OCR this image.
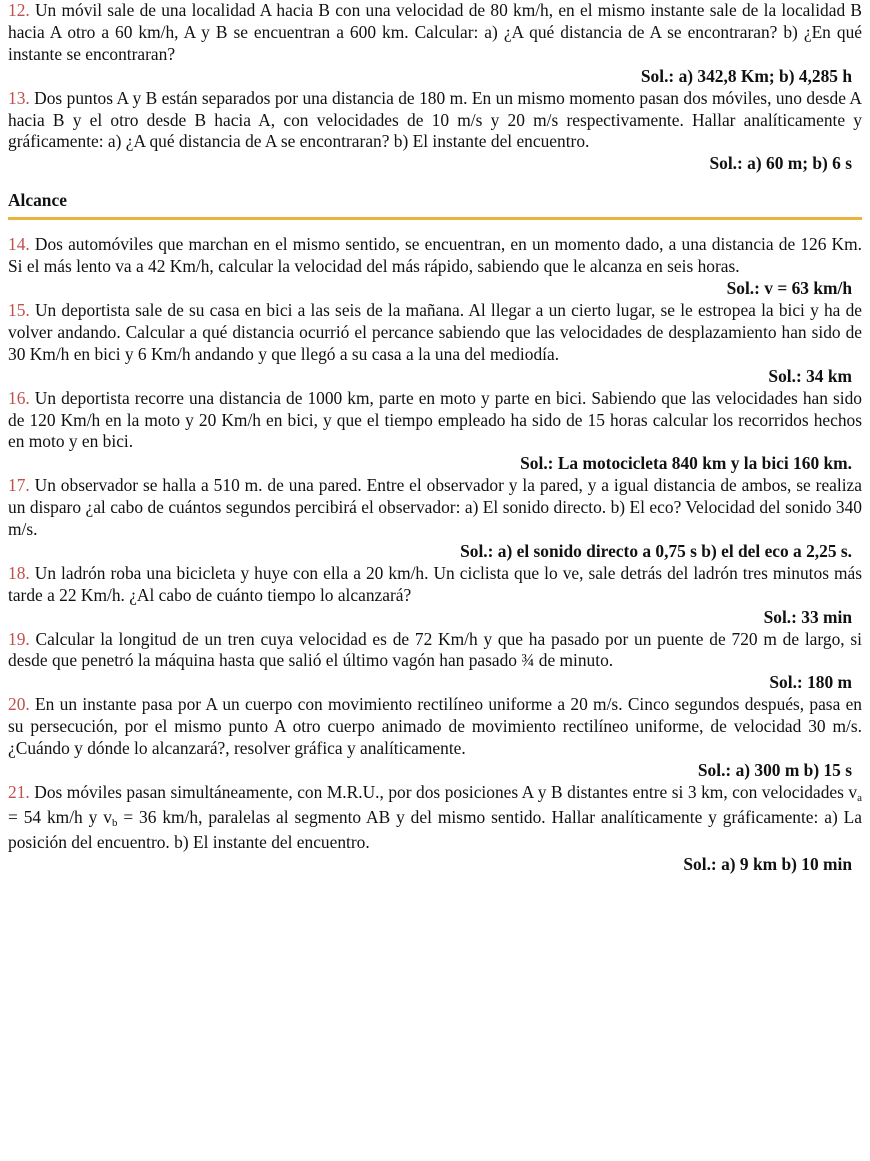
12. Un móvil sale de una localidad A hacia B con una velocidad de 80 km/h, en el mismo instante sale de la localidad B hacia A otro a 60 km/h, A y B se encuentran a 600 km. Calcular: a) ¿A qué distancia de A se encontraran? b) ¿En qué instante se encontraran?

Sol.: a) 342,8 Km; b) 4,285 h

13. Dos puntos A y B están separados por una distancia de 180 m. En un mismo momento pasan dos móviles, uno desde A hacia B y el otro desde B hacia A, con velocidades de 10 m/s y 20 m/s respectivamente. Hallar analíticamente y gráficamente: a) ¿A qué distancia de A se encontraran? b) El instante del encuentro.

Sol.: a) 60 m; b) 6 s

Alcance

14. Dos automóviles que marchan en el mismo sentido, se encuentran, en un momento dado, a una distancia de 126 Km. Si el más lento va a 42 Km/h, calcular la velocidad del más rápido, sabiendo que le alcanza en seis horas.

Sol.: v = 63 km/h

15. Un deportista sale de su casa en bici a las seis de la mañana. Al llegar a un cierto lugar, se le estropea la bici y ha de volver andando. Calcular a qué distancia ocurrió el percance sabiendo que las velocidades de desplazamiento han sido de 30 Km/h en bici y 6 Km/h andando y que llegó a su casa a la una del mediodía.

Sol.: 34 km

16. Un deportista recorre una distancia de 1000 km, parte en moto y parte en bici. Sabiendo que las velocidades han sido de 120 Km/h en la moto y 20 Km/h en bici, y que el tiempo empleado ha sido de 15 horas calcular los recorridos hechos en moto y en bici.

Sol.: La motocicleta 840 km y la bici 160 km.

17. Un observador se halla a 510 m. de una pared. Entre el observador y la pared, y a igual distancia de ambos, se realiza un disparo ¿al cabo de cuántos segundos percibirá el observador: a) El sonido directo. b) El eco? Velocidad del sonido 340 m/s.

Sol.: a) el sonido directo a 0,75 s b) el del eco a 2,25 s.

18. Un ladrón roba una bicicleta y huye con ella a 20 km/h. Un ciclista que lo ve, sale detrás del ladrón tres minutos más tarde a 22 Km/h. ¿Al cabo de cuánto tiempo lo alcanzará?

Sol.: 33 min

19. Calcular la longitud de un tren cuya velocidad es de 72 Km/h y que ha pasado por un puente de 720 m de largo, si desde que penetró la máquina hasta que salió el último vagón han pasado ¾ de minuto.

Sol.: 180 m

20. En un instante pasa por A un cuerpo con movimiento rectilíneo uniforme a 20 m/s. Cinco segundos después, pasa en su persecución, por el mismo punto A otro cuerpo animado de movimiento rectilíneo uniforme, de velocidad 30 m/s. ¿Cuándo y dónde lo alcanzará?, resolver gráfica y analíticamente.

Sol.: a) 300 m b) 15 s

21. Dos móviles pasan simultáneamente, con M.R.U., por dos posiciones A y B distantes entre si 3 km, con velocidades va = 54 km/h y vb = 36 km/h, paralelas al segmento AB y del mismo sentido. Hallar analíticamente y gráficamente: a) La posición del encuentro. b) El instante del encuentro.

Sol.: a) 9 km b) 10 min
